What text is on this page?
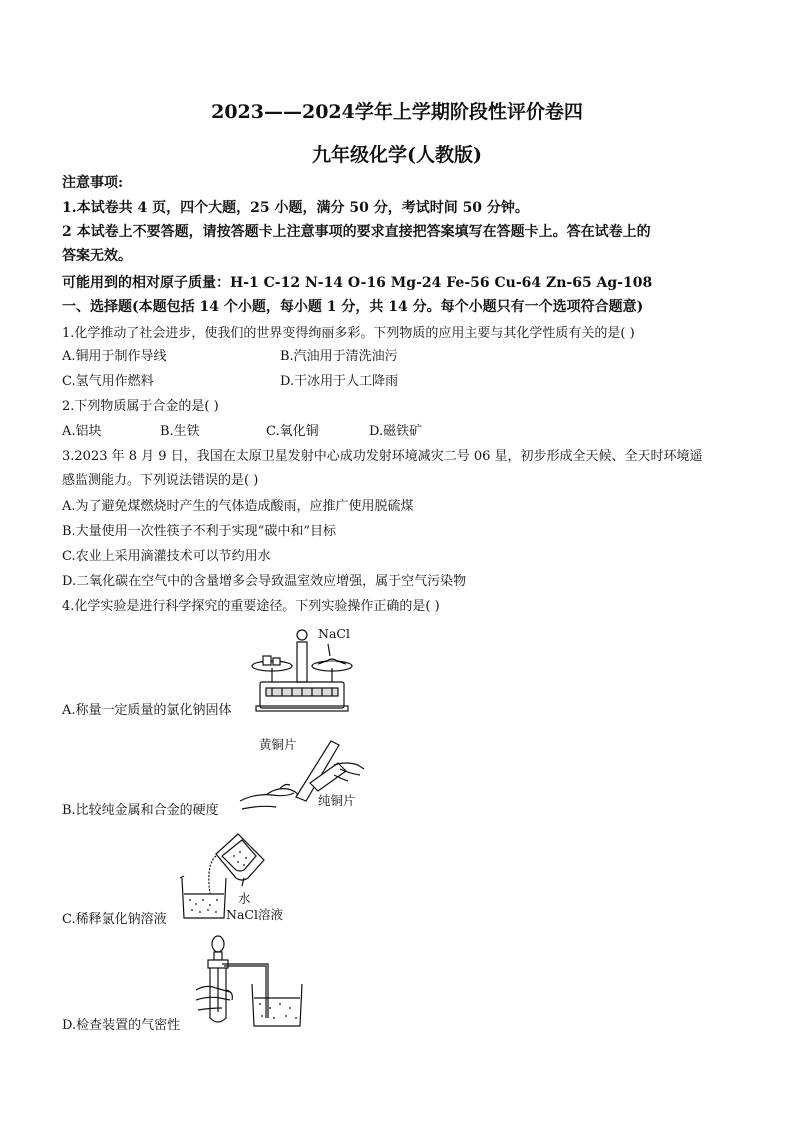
2023——2024学年上学期阶段性评价卷四
九年级化学(人教版)
注意事项:
1.本试卷共 4 页，四个大题，25 小题，满分 50 分，考试时间 50 分钟。
2 本试卷上不要答题，请按答题卡上注意事项的要求直接把答案填写在答题卡上。答在试卷上的
答案无效。
可能用到的相对原子质量：H-1 C-12 N-14 O-16 Mg-24 Fe-56 Cu-64 Zn-65 Ag-108
一、选择题(本题包括 14 个小题，每小题 1 分，共 14 分。每个小题只有一个选项符合题意)
1.化学推动了社会进步，使我们的世界变得绚丽多彩。下列物质的应用主要与其化学性质有关的是( )
A.铜用于制作导线	B.汽油用于清洗油污
C.氢气用作燃料	D.干冰用于人工降雨
2.下列物质属于合金的是( )
A.铝块	B.生铁	C.氧化铜	D.磁铁矿
3.2023 年 8 月 9 日，我国在太原卫星发射中心成功发射环境减灾二号 06 星，初步形成全天候、全天时环境遥
感监测能力。下列说法错误的是( )
A.为了避免煤燃烧时产生的气体造成酸雨，应推广使用脱硫煤
B.大量使用一次性筷子不利于实现“碳中和”目标
C.农业上采用滴灌技术可以节约用水
D.二氧化碳在空气中的含量增多会导致温室效应增强，属于空气污染物
4.化学实验是进行科学探究的重要途径。下列实验操作正确的是( )
NaCl
A.称量一定质量的氯化钠固体
黄铜片
纯铜片
B.比较纯金属和合金的硬度
水
NaCl溶液
C.稀释氯化钠溶液
D.检查装置的气密性
